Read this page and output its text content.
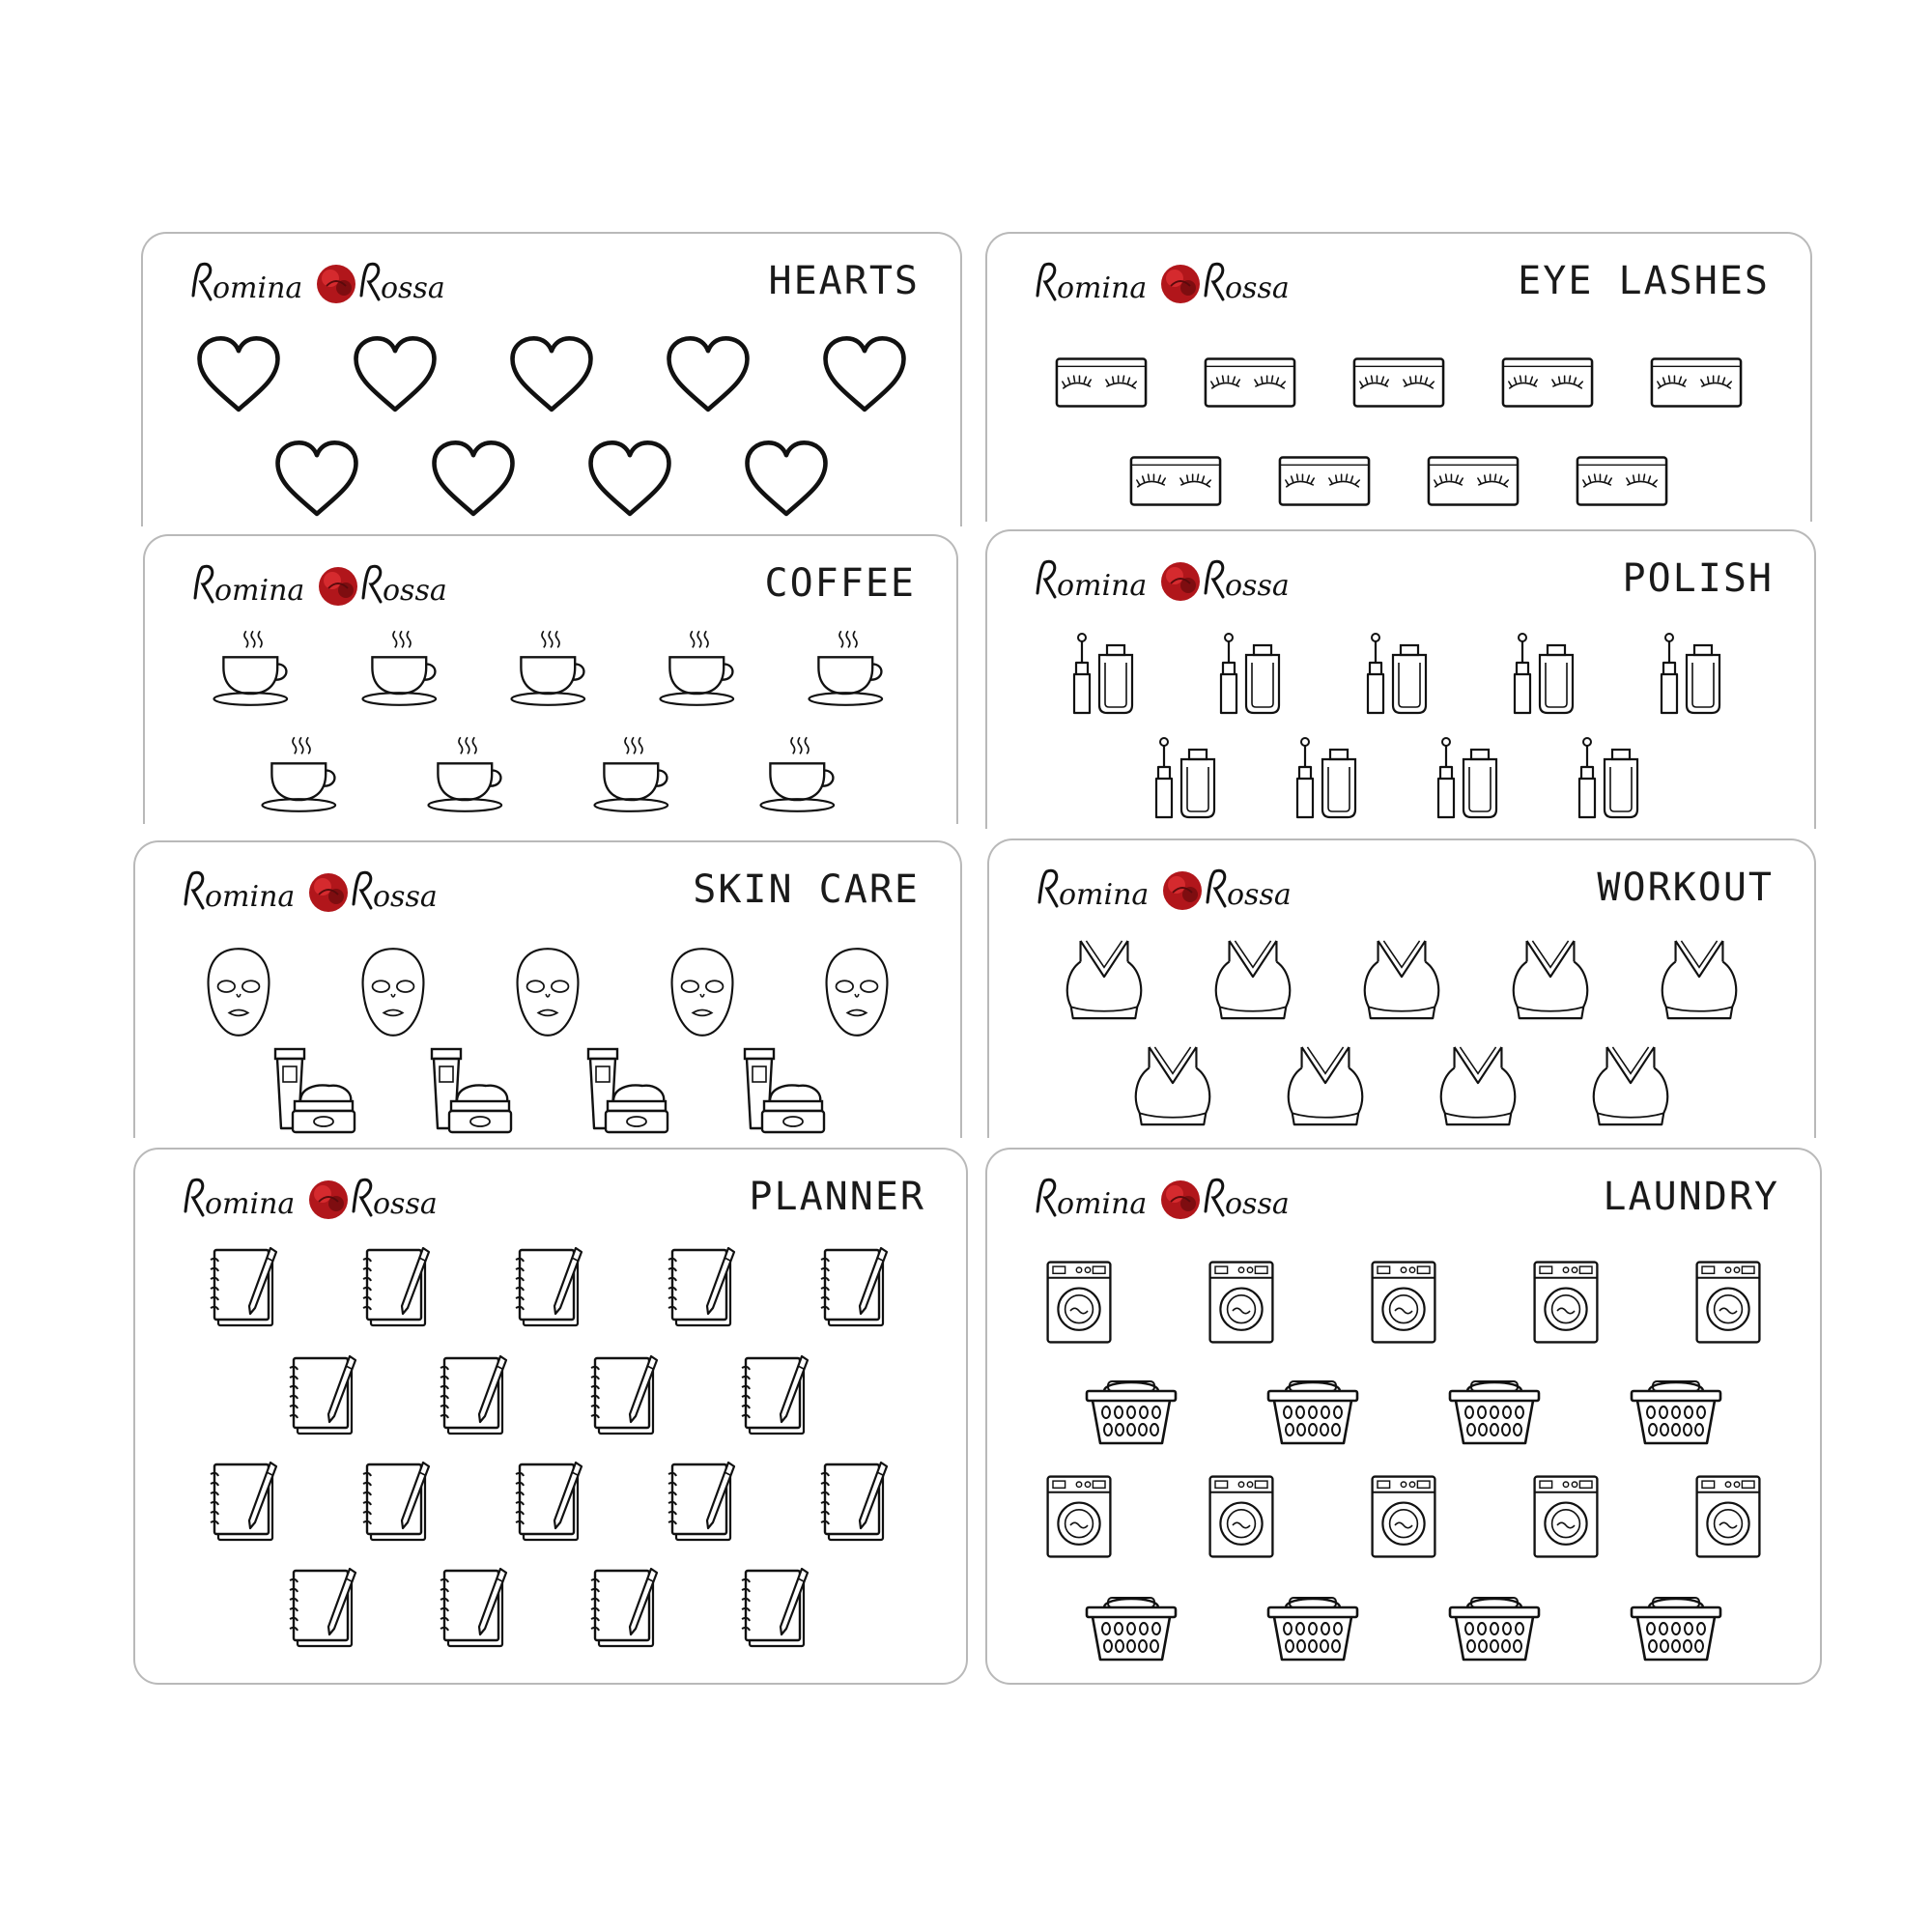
HEARTS	EYE LASHES
COFFEE	POLISH
SKIN CARE	WORKOUT
PLANNER	LAUNDRY
